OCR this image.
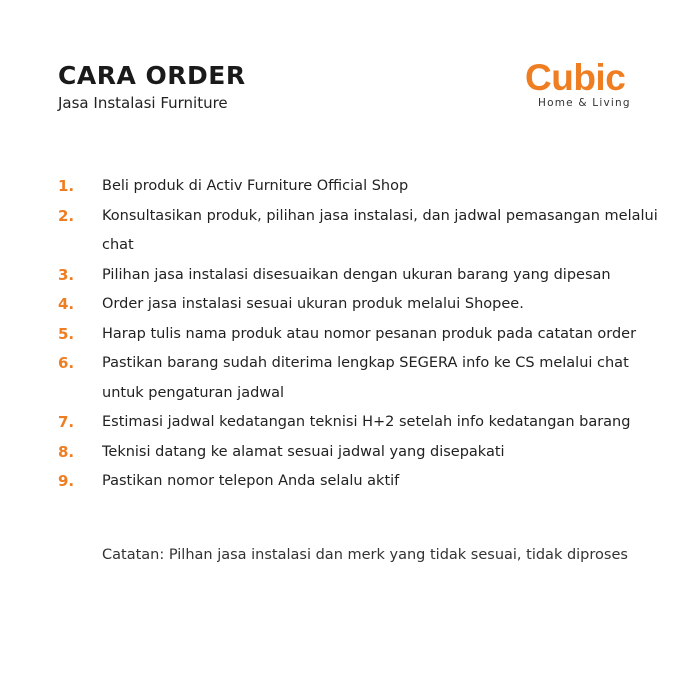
CARA ORDER
Jasa Instalasi Furniture
Cubic
Home & Living
1. Beli produk di Activ Furniture Official Shop
2. Konsultasikan produk, pilihan jasa instalasi, dan jadwal pemasangan melalui chat
3. Pilihan jasa instalasi disesuaikan dengan ukuran barang yang dipesan
4. Order jasa instalasi sesuai ukuran produk melalui Shopee.
5. Harap tulis nama produk atau nomor pesanan produk pada catatan order
6. Pastikan barang sudah diterima lengkap SEGERA info ke CS melalui chat untuk pengaturan jadwal
7. Estimasi jadwal kedatangan teknisi H+2 setelah info kedatangan barang
8. Teknisi datang ke alamat sesuai jadwal yang disepakati
9. Pastikan nomor telepon Anda selalu aktif
Catatan: Pilhan jasa instalasi dan merk yang tidak sesuai, tidak diproses
